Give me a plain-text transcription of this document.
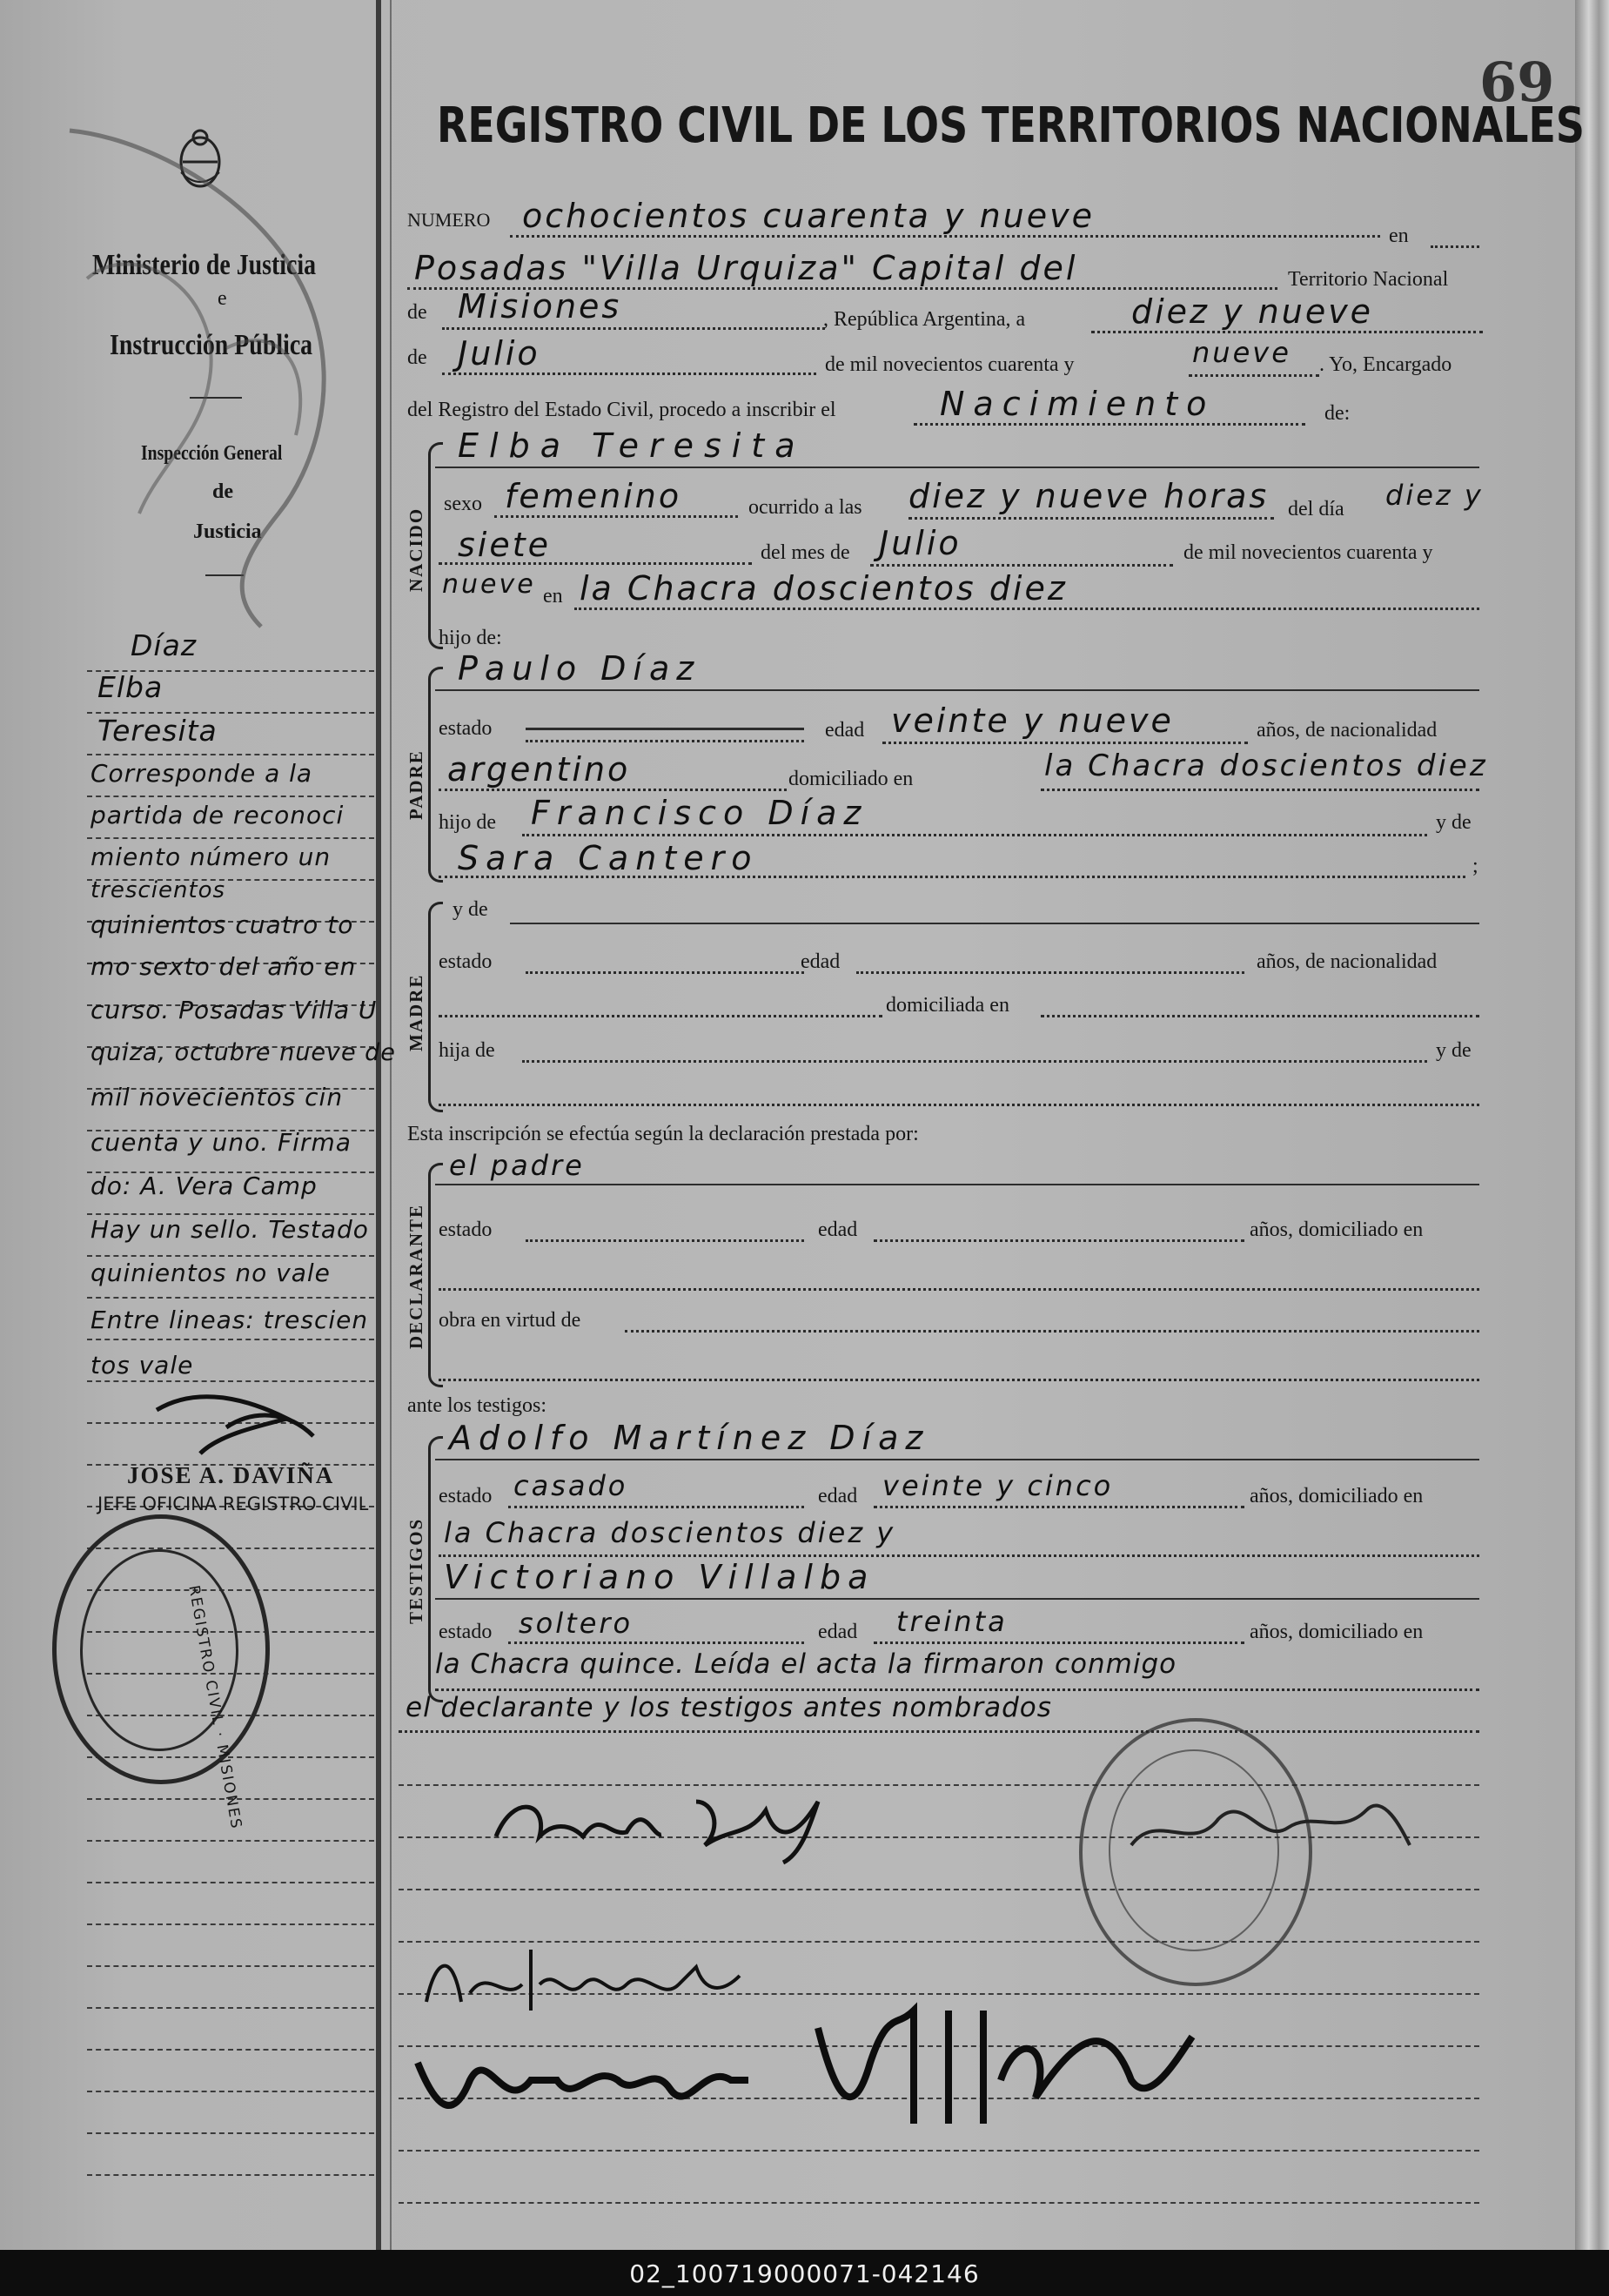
69
REGISTRO CIVIL DE LOS TERRITORIOS NACIONALES
Ministerio de Justicia
e
Instrucción Pública
Inspección General
de
Justicia
Díaz
Elba
Teresita
Corresponde a la
partida de reconoci
miento número un
trescientos
quinientos cuatro to
mo sexto del año en
curso. Posadas Villa U
quiza, octubre nueve de
mil novecientos cin
cuenta y uno. Firma
do: A. Vera Camp
Hay un sello. Testado
quinientos no vale
Entre lineas: trescien
tos vale
JOSE A. DAVIÑA
JEFE OFICINA REGISTRO CIVIL
REGISTRO CIVIL · MISIONES
NUMERO ochocientos cuarenta y nueve
en
Posadas "Villa Urquiza" Capital del	Territorio Nacional
de Misiones	, República Argentina, a	diez y nueve
de Julio	de mil novecientos cuarenta y	nueve . Yo, Encargado
del Registro del Estado Civil, procedo a inscribir el	Nacimiento	de:
NACIDO
Elba Teresita
sexo femenino	ocurrido a las diez y nueve horas del día diez y
siete	del mes de Julio	de mil novecientos cuarenta y
nueve en la Chacra doscientos diez
hijo de:
PADRE
Paulo Díaz
estado	edad veinte y nueve	años, de nacionalidad
argentino	domiciliado en	la Chacra doscientos diez
hijo de Francisco Díaz	y de
Sara Cantero	;
MADRE
y de
estado	edad	años, de nacionalidad
domiciliada en
hija de	y de
Esta inscripción se efectúa según la declaración prestada por:
DECLARANTE
el padre
estado	edad	años, domiciliado en
obra en virtud de
ante los testigos:
TESTIGOS
Adolfo Martínez Díaz
estado casado	edad veinte y cinco	años, domiciliado en
la Chacra doscientos diez y
Victoriano Villalba
estado soltero	edad treinta	años, domiciliado en
la Chacra quince. Leída el acta la firmaron conmigo
el declarante y los testigos antes nombrados
02_100719000071-042146
